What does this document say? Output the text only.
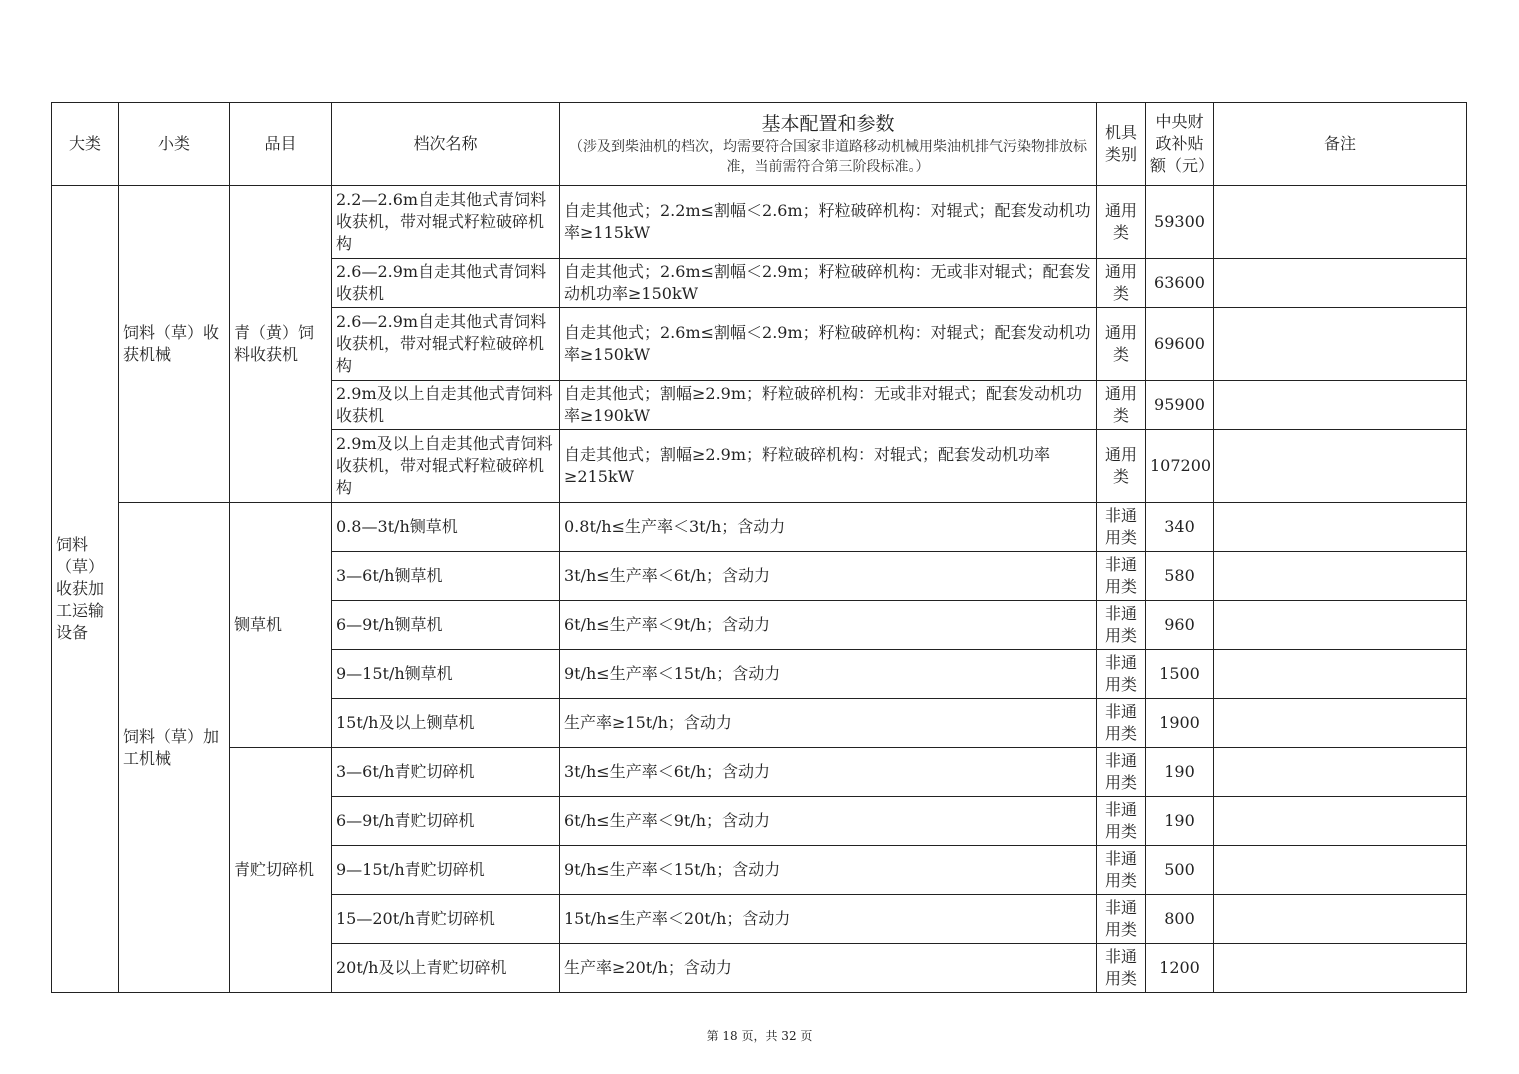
大类	小类	品目	档次名称	基本配置和参数
（涉及到柴油机的档次，均需要符合国家非道路移动机械用柴油机排气污染物排放标准，当前需符合第三阶段标准。）	机具类别	中央财政补贴额（元）	备注
饲料（草）收获加工运输设备	饲料（草）收获机械	青（黄）饲料收获机	2.2—2.6m自走其他式青饲料收获机，带对辊式籽粒破碎机构	自走其他式；2.2m≤割幅＜2.6m；籽粒破碎机构：对辊式；配套发动机功率≥115kW	通用类	59300	
			2.6—2.9m自走其他式青饲料收获机	自走其他式；2.6m≤割幅＜2.9m；籽粒破碎机构：无或非对辊式；配套发动机功率≥150kW	通用类	63600	
			2.6—2.9m自走其他式青饲料收获机，带对辊式籽粒破碎机构	自走其他式；2.6m≤割幅＜2.9m；籽粒破碎机构：对辊式；配套发动机功率≥150kW	通用类	69600	
			2.9m及以上自走其他式青饲料收获机	自走其他式；割幅≥2.9m；籽粒破碎机构：无或非对辊式；配套发动机功率≥190kW	通用类	95900	
			2.9m及以上自走其他式青饲料收获机，带对辊式籽粒破碎机构	自走其他式；割幅≥2.9m；籽粒破碎机构：对辊式；配套发动机功率≥215kW	通用类	107200	
	饲料（草）加工机械	铡草机	0.8—3t/h铡草机	0.8t/h≤生产率＜3t/h；含动力	非通用类	340	
			3—6t/h铡草机	3t/h≤生产率＜6t/h；含动力	非通用类	580	
			6—9t/h铡草机	6t/h≤生产率＜9t/h；含动力	非通用类	960	
			9—15t/h铡草机	9t/h≤生产率＜15t/h；含动力	非通用类	1500	
			15t/h及以上铡草机	生产率≥15t/h；含动力	非通用类	1900	
		青贮切碎机	3—6t/h青贮切碎机	3t/h≤生产率＜6t/h；含动力	非通用类	190	
			6—9t/h青贮切碎机	6t/h≤生产率＜9t/h；含动力	非通用类	190	
			9—15t/h青贮切碎机	9t/h≤生产率＜15t/h；含动力	非通用类	500	
			15—20t/h青贮切碎机	15t/h≤生产率＜20t/h；含动力	非通用类	800	
			20t/h及以上青贮切碎机	生产率≥20t/h；含动力	非通用类	1200	
第 18 页，共 32 页
